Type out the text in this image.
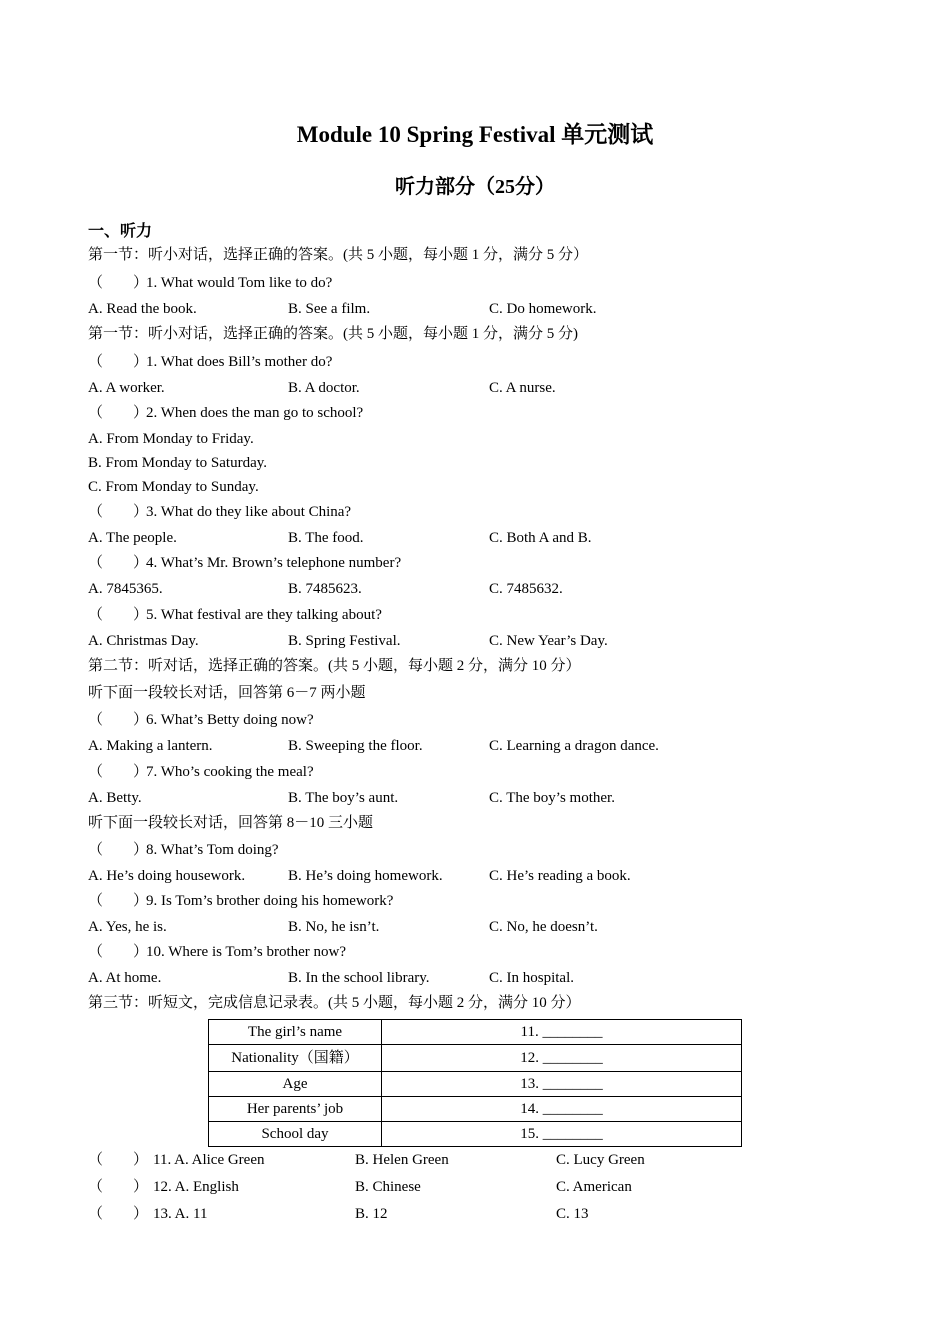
Module 10 Spring Festival 单元测试
听力部分（25分）
一、听力
第一节：听小对话，选择正确的答案。(共 5 小题，每小题 1 分，满分 5 分）
（　　）1. What would Tom like to do?
A. Read the book.	B. See a film.	C. Do homework.
第一节：听小对话，选择正确的答案。(共 5 小题，每小题 1 分，满分 5 分)
（　　）1. What does Bill’s mother do?
A. A worker.	B. A doctor.	C. A nurse.
（　　）2. When does the man go to school?
A. From Monday to Friday.
B. From Monday to Saturday.
C. From Monday to Sunday.
（　　）3. What do they like about China?
A. The people.	B. The food.	C. Both A and B.
（　　）4. What’s Mr. Brown’s telephone number?
A. 7845365.	B. 7485623.	C. 7485632.
（　　）5. What festival are they talking about?
A. Christmas Day.	B. Spring Festival.	C. New Year’s Day.
第二节：听对话，选择正确的答案。(共 5 小题，每小题 2 分，满分 10 分）
听下面一段较长对话，回答第 6－7 两小题
（　　）6. What’s Betty doing now?
A. Making a lantern.	B. Sweeping the floor.	C. Learning a dragon dance.
（　　）7. Who’s cooking the meal?
A. Betty.	B. The boy’s aunt.	C. The boy’s mother.
听下面一段较长对话，回答第 8－10 三小题
（　　）8. What’s Tom doing?
A. He’s doing housework.	B. He’s doing homework.	C. He’s reading a book.
（　　）9. Is Tom’s brother doing his homework?
A. Yes, he is.	B. No, he isn’t.	C. No, he doesn’t.
（　　）10. Where is Tom’s brother now?
A. At home.	B. In the school library.	C. In hospital.
第三节：听短文，完成信息记录表。(共 5 小题，每小题 2 分，满分 10 分）
The girl’s name	11. ________
Nationality（国籍）	12. ________
Age	13. ________
Her parents’ job	14. ________
School day	15. ________
（　　） 11. A. Alice Green	B. Helen Green	C. Lucy Green
（　　） 12. A. English	B. Chinese	C. American
（　　） 13. A. 11	B. 12	C. 13
